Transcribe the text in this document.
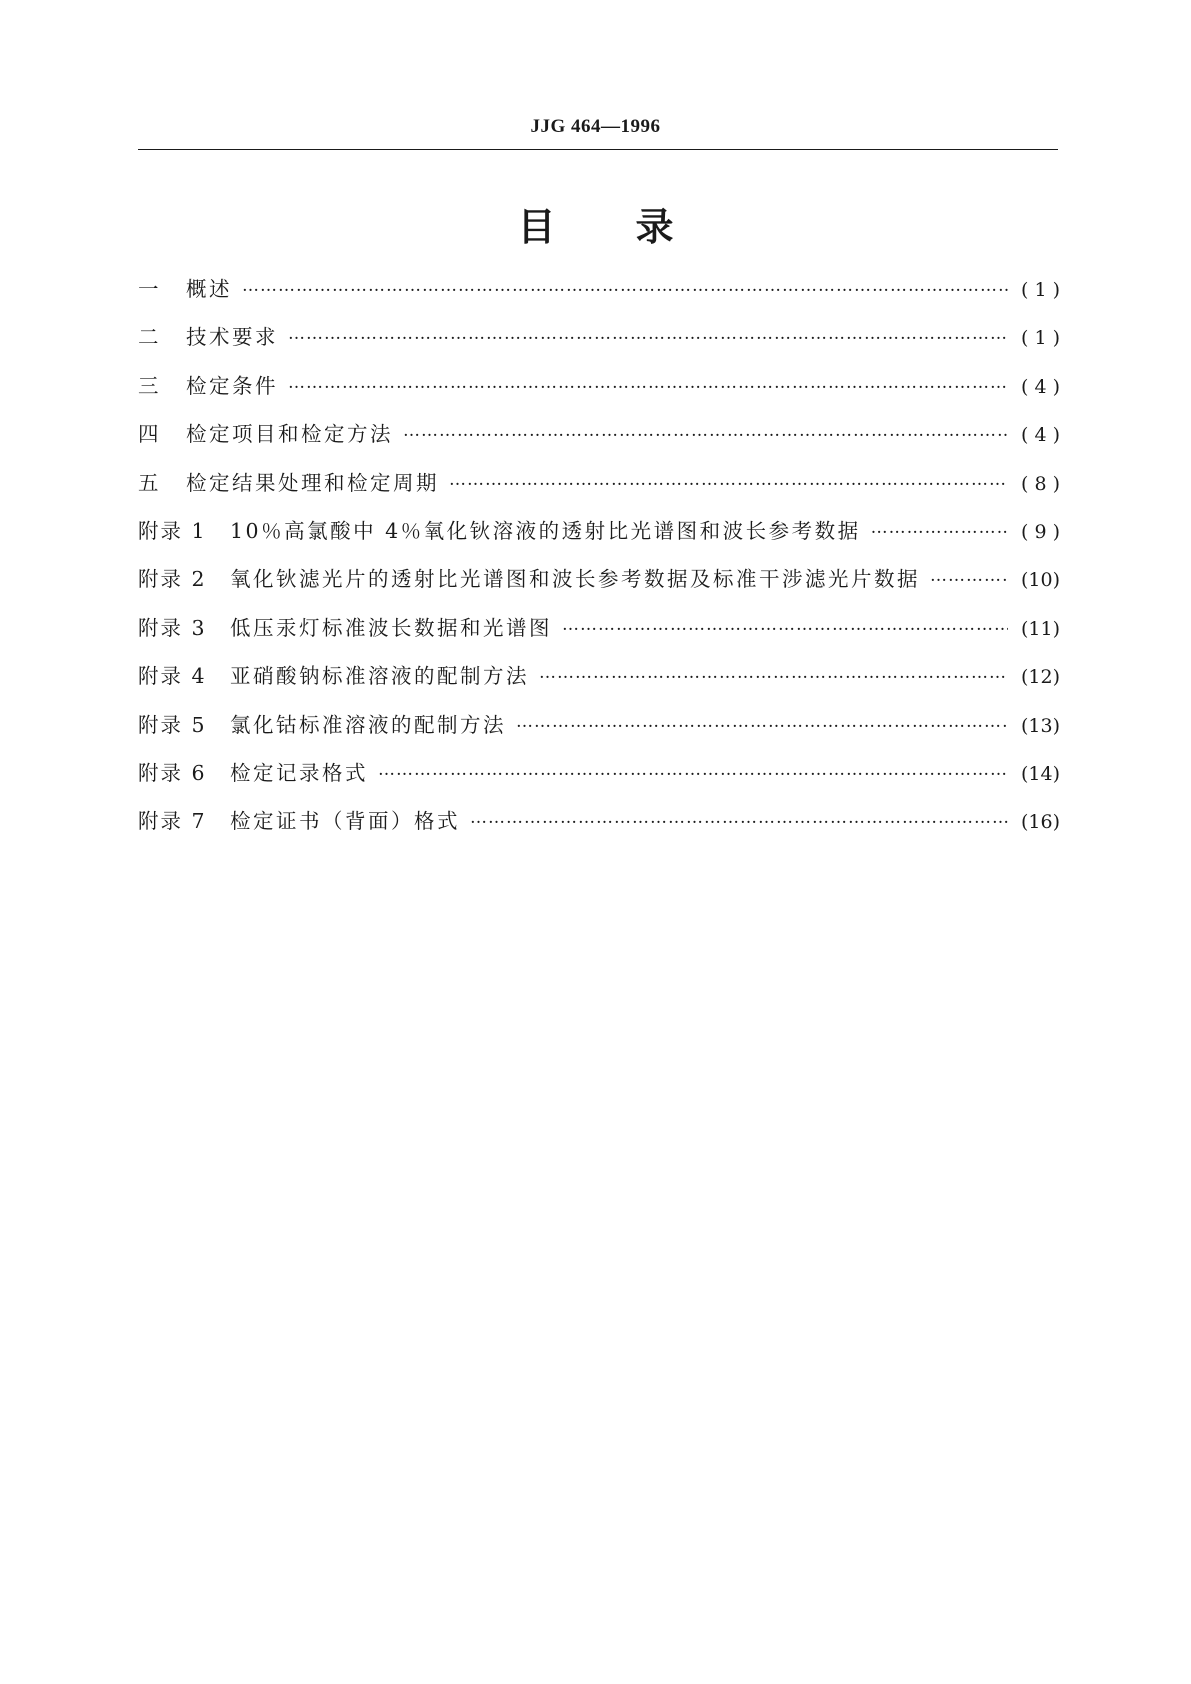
JJG 464—1996
目 录
一	概述 …………………………………………………………………………………………………………………………………………………………………………………………	( 1 )
二	技术要求 …………………………………………………………………………………………………………………………………………………………………………………………	( 1 )
三	检定条件 …………………………………………………………………………………………………………………………………………………………………………………………	( 4 )
四	检定项目和检定方法 …………………………………………………………………………………………………………………………………………………………………………………………	( 4 )
五	检定结果处理和检定周期 …………………………………………………………………………………………………………………………………………………………………………………………	( 8 )
附录 1	10％高氯酸中 4％氧化钬溶液的透射比光谱图和波长参考数据 …………………………………………………………………………………………………………………………………………………………………………………………	( 9 )
附录 2	氧化钬滤光片的透射比光谱图和波长参考数据及标准干涉滤光片数据 …………………………………………………………………………………………………………………………………………………………………………………………	(10)
附录 3	低压汞灯标准波长数据和光谱图 …………………………………………………………………………………………………………………………………………………………………………………………	(11)
附录 4	亚硝酸钠标准溶液的配制方法 …………………………………………………………………………………………………………………………………………………………………………………………	(12)
附录 5	氯化钴标准溶液的配制方法 …………………………………………………………………………………………………………………………………………………………………………………………	(13)
附录 6	检定记录格式 …………………………………………………………………………………………………………………………………………………………………………………………	(14)
附录 7	检定证书（背面）格式 …………………………………………………………………………………………………………………………………………………………………………………………	(16)
